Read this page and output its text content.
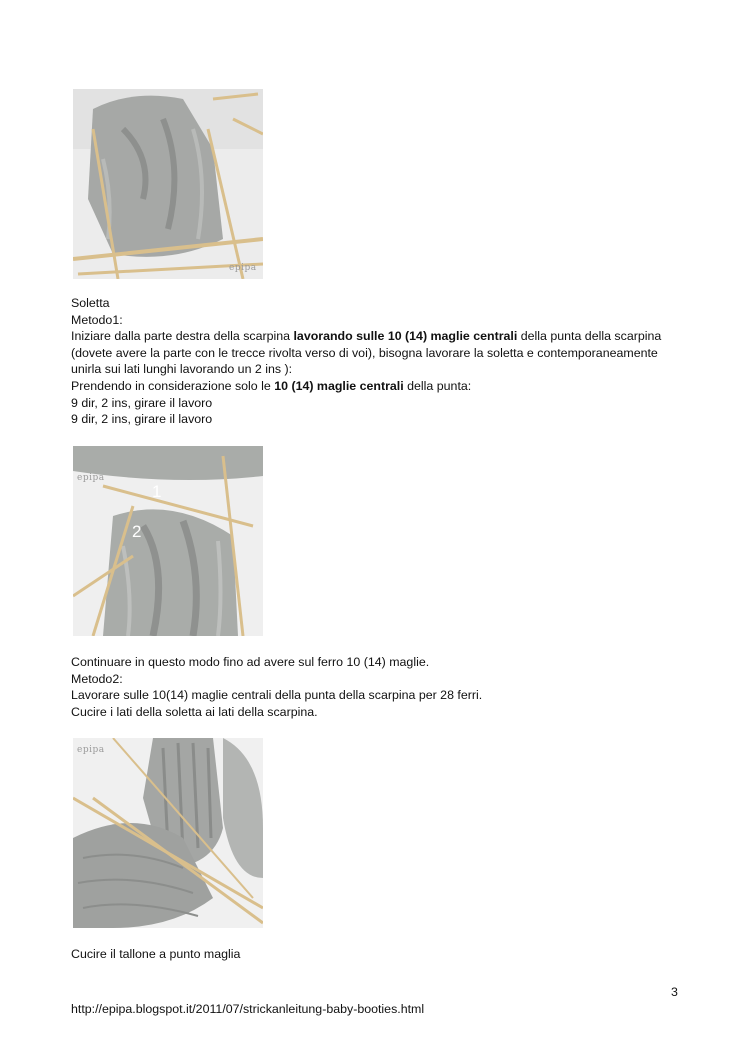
epipa
Soletta
Metodo1:
Iniziare dalla parte destra della scarpina lavorando sulle 10 (14) maglie centrali della punta della scarpina
(dovete avere la parte con le trecce rivolta verso di voi), bisogna lavorare la soletta e contemporaneamente
unirla sui lati lunghi lavorando un 2 ins ):
Prendendo in considerazione solo le 10 (14) maglie centrali della punta:
9 dir, 2 ins, girare il lavoro
9 dir, 2 ins, girare il lavoro
1
2
epipa
Continuare in questo modo fino ad avere sul ferro 10 (14) maglie.
Metodo2:
Lavorare sulle 10(14) maglie centrali della punta della scarpina per 28 ferri.
Cucire i lati della soletta ai lati della scarpina.
epipa
Cucire il tallone a punto maglia
3
http://epipa.blogspot.it/2011/07/strickanleitung-baby-booties.html
